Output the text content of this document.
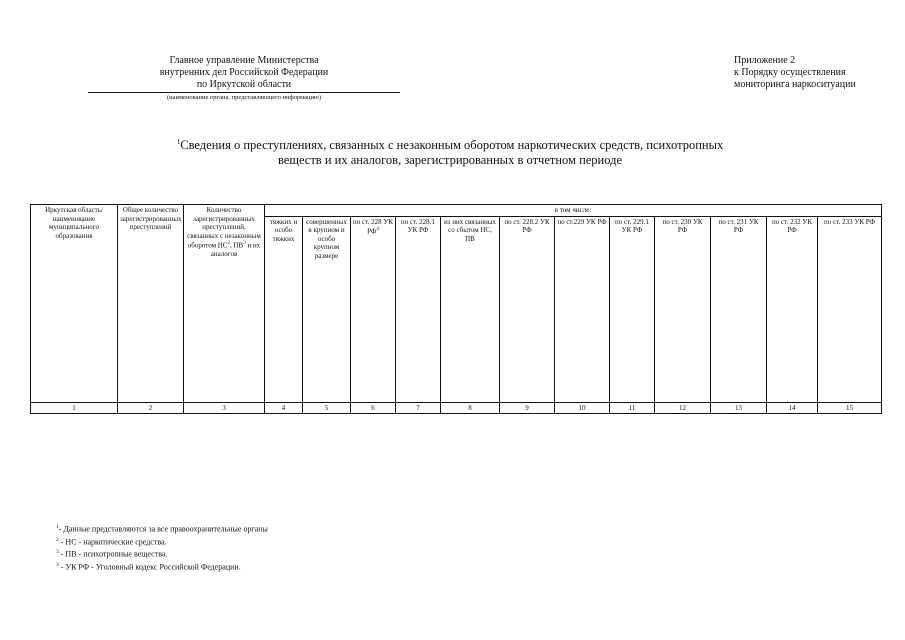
Главное управление Министерства
внутренних дел Российской Федерации
по Иркутской области
(наименование органа, представляющего информацию)
Приложение 2
к Порядку осуществления
мониторинга наркоситуации
$^1$Сведения о преступлениях, связанных с незаконным оборотом наркотических средств, психотропных
веществ и их аналогов, зарегистрированных в отчетном периоде
Иркутская область/ наименование муниципального образования	Общее количество зарегистрированных преступлений	Количество зарегистрированных преступлений, связанных с незаконным оборотом $НС^2$, $ПВ^3$ и их аналогов	в том числе:											
			тяжких и особо тяжких	совершенных в крупном и особо крупном размере	по ст. 228 УК $РФ^4$	по ст. 228.1 УК РФ	из них связанных со сбытом НС, ПВ	по ст. 228.2 УК РФ	по ст.229 УК РФ	по ст. 229.1 УК РФ	по ст. 230 УК РФ	по ст. 231 УК РФ	по ст. 232 УК РФ	по ст. 233 УК РФ
1	2	3	4	5	6	7	8	9	10	11	12	13	14	15
$^1$- Данные представляются за все правоохранительные органы
$^2$ - НС - наркотические средства.
$^3$ - ПВ - психотропные вещества.
$^3$ - УК РФ - Уголовный кодекс Российской Федерации.
